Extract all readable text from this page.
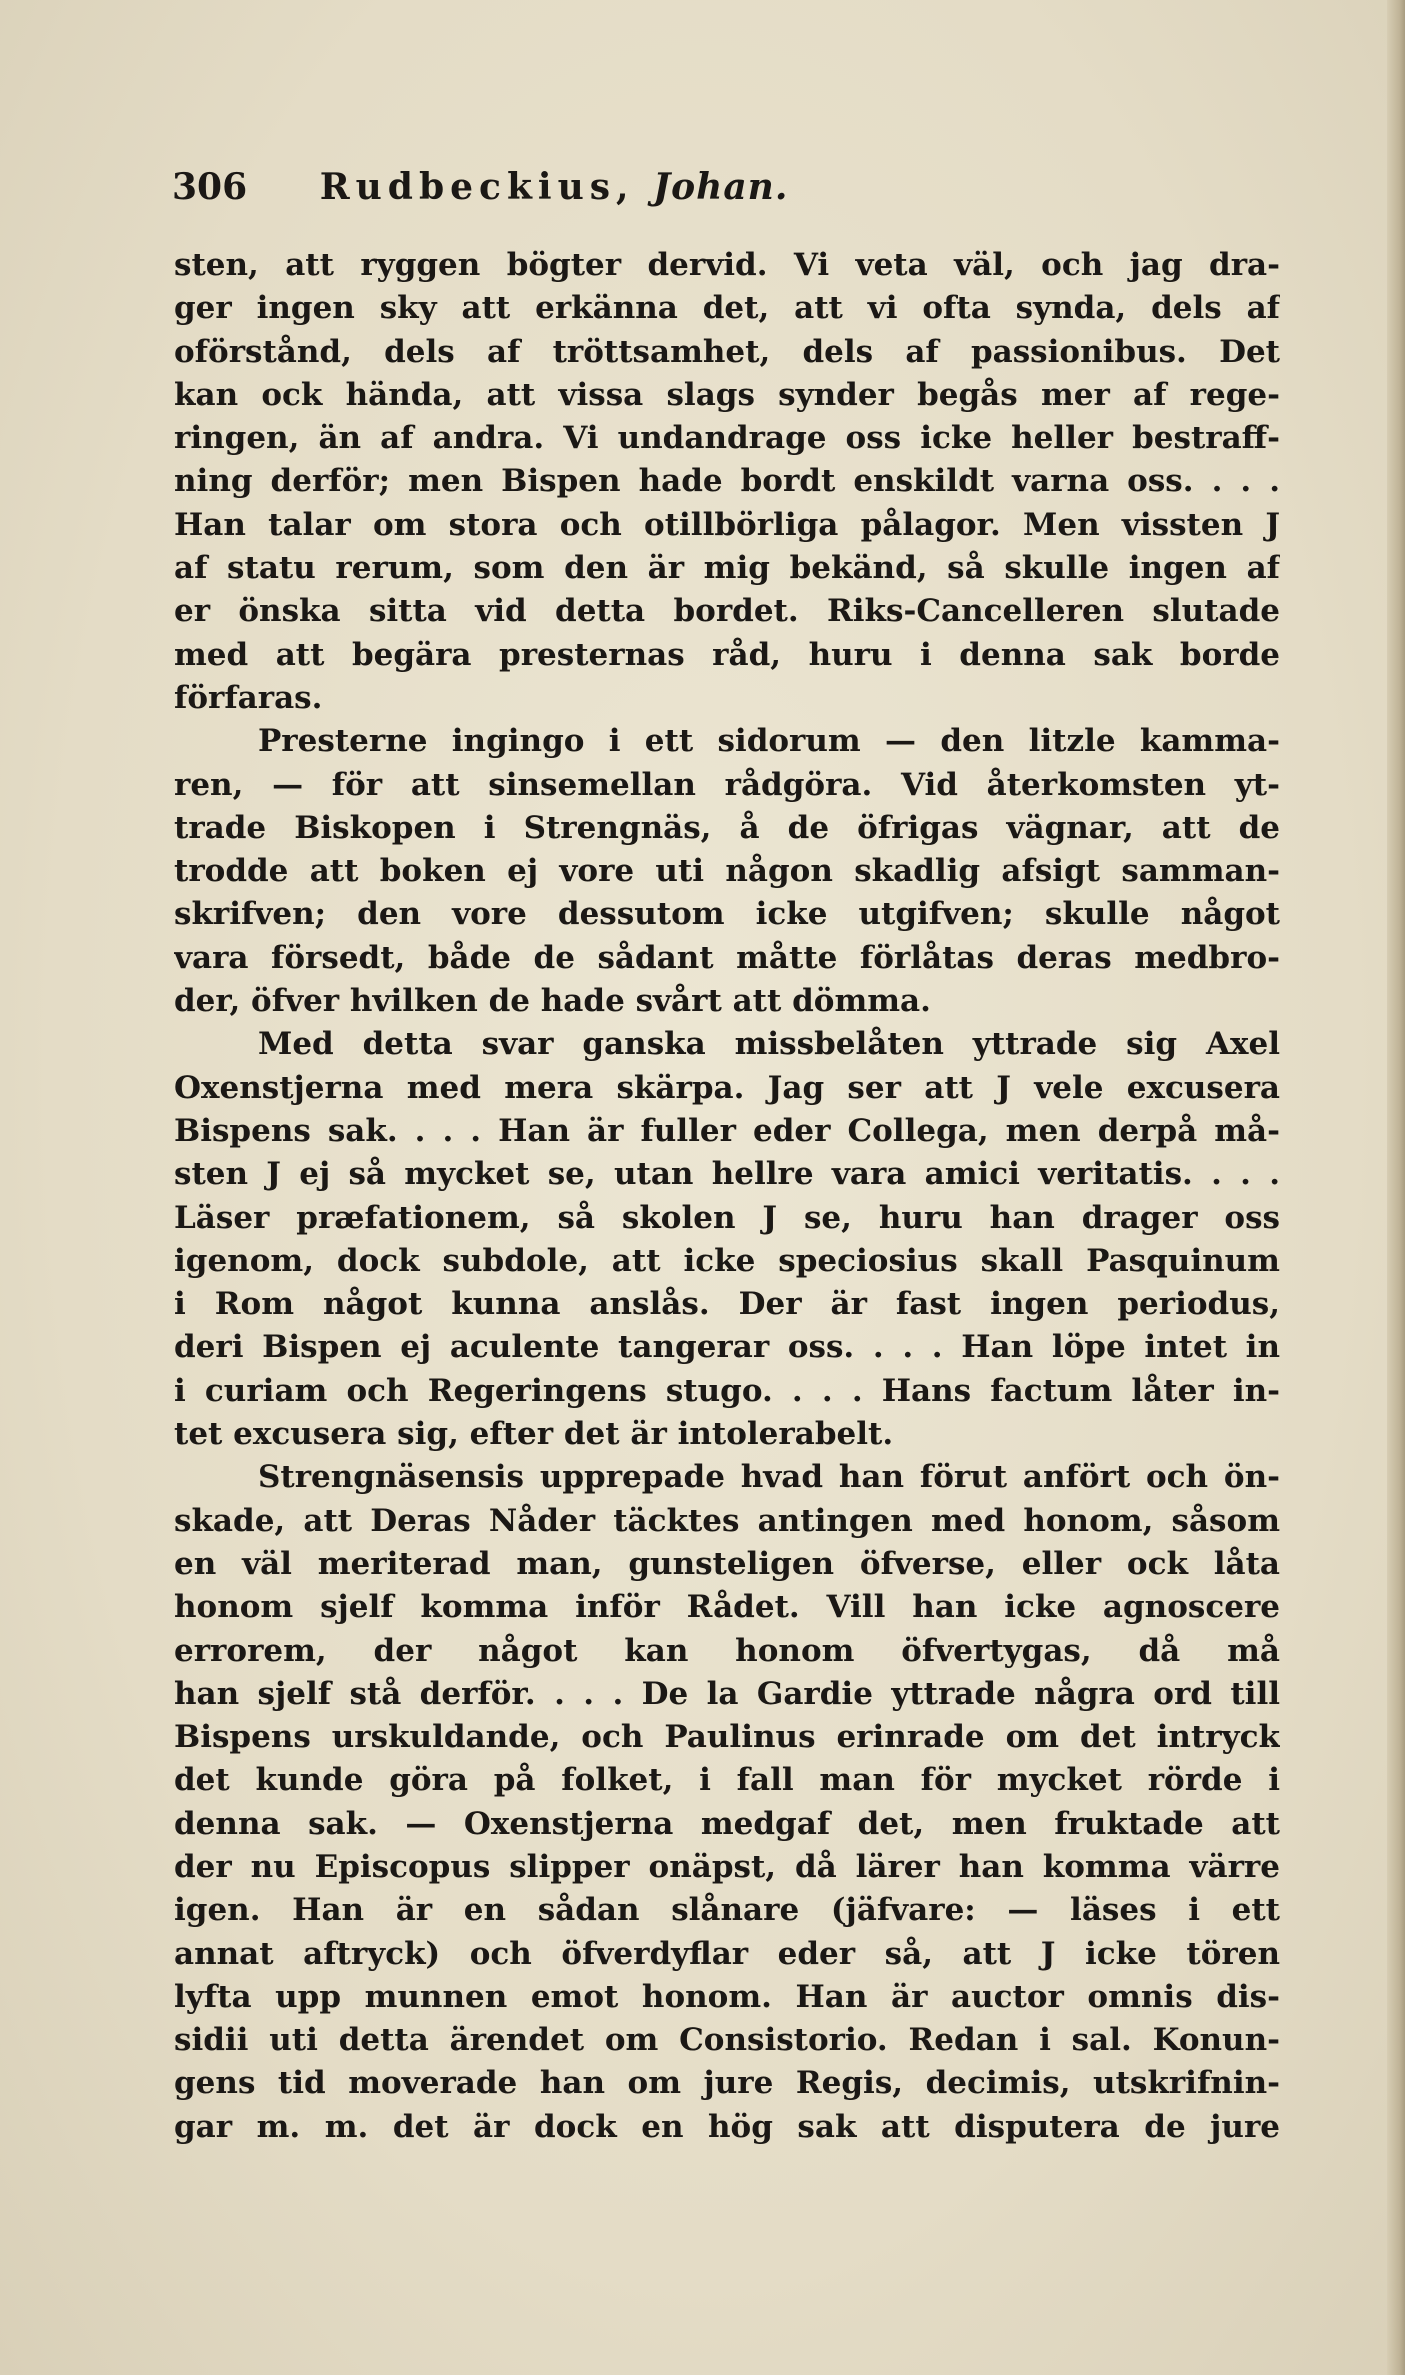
306 Rudbeckius, Johan.
sten, att ryggen bögter dervid. Vi veta väl, och jag dra-
ger ingen sky att erkänna det, att vi ofta synda, dels af
oförstånd, dels af tröttsamhet, dels af passionibus. Det
kan ock hända, att vissa slags synder begås mer af rege-
ringen, än af andra. Vi undandrage oss icke heller bestraff-
ning derför; men Bispen hade bordt enskildt varna oss. . . .
Han talar om stora och otillbörliga pålagor. Men vissten J
af statu rerum, som den är mig bekänd, så skulle ingen af
er önska sitta vid detta bordet. Riks-Cancelleren slutade
med att begära presternas råd, huru i denna sak borde
förfaras.
Presterne ingingo i ett sidorum — den litzle kamma-
ren, — för att sinsemellan rådgöra. Vid återkomsten yt-
trade Biskopen i Strengnäs, å de öfrigas vägnar, att de
trodde att boken ej vore uti någon skadlig afsigt samman-
skrifven; den vore dessutom icke utgifven; skulle något
vara försedt, både de sådant måtte förlåtas deras medbro-
der, öfver hvilken de hade svårt att dömma.
Med detta svar ganska missbelåten yttrade sig Axel
Oxenstjerna med mera skärpa. Jag ser att J vele excusera
Bispens sak. . . . Han är fuller eder Collega, men derpå må-
sten J ej så mycket se, utan hellre vara amici veritatis. . . .
Läser præfationem, så skolen J se, huru han drager oss
igenom, dock subdole, att icke speciosius skall Pasquinum
i Rom något kunna anslås. Der är fast ingen periodus,
deri Bispen ej aculente tangerar oss. . . . Han löpe intet in
i curiam och Regeringens stugo. . . . Hans factum låter in-
tet excusera sig, efter det är intolerabelt.
Strengnäsensis upprepade hvad han förut anfört och ön-
skade, att Deras Nåder täcktes antingen med honom, såsom
en väl meriterad man, gunsteligen öfverse, eller ock låta
honom sjelf komma inför Rådet. Vill han icke agnoscere
errorem, der något kan honom öfvertygas, då må
han sjelf stå derför. . . . De la Gardie yttrade några ord till
Bispens urskuldande, och Paulinus erinrade om det intryck
det kunde göra på folket, i fall man för mycket rörde i
denna sak. — Oxenstjerna medgaf det, men fruktade att
der nu Episcopus slipper onäpst, då lärer han komma värre
igen. Han är en sådan slånare (jäfvare: — läses i ett
annat aftryck) och öfverdyflar eder så, att J icke tören
lyfta upp munnen emot honom. Han är auctor omnis dis-
sidii uti detta ärendet om Consistorio. Redan i sal. Konun-
gens tid moverade han om jure Regis, decimis, utskrifnin-
gar m. m. det är dock en hög sak att disputera de jure
